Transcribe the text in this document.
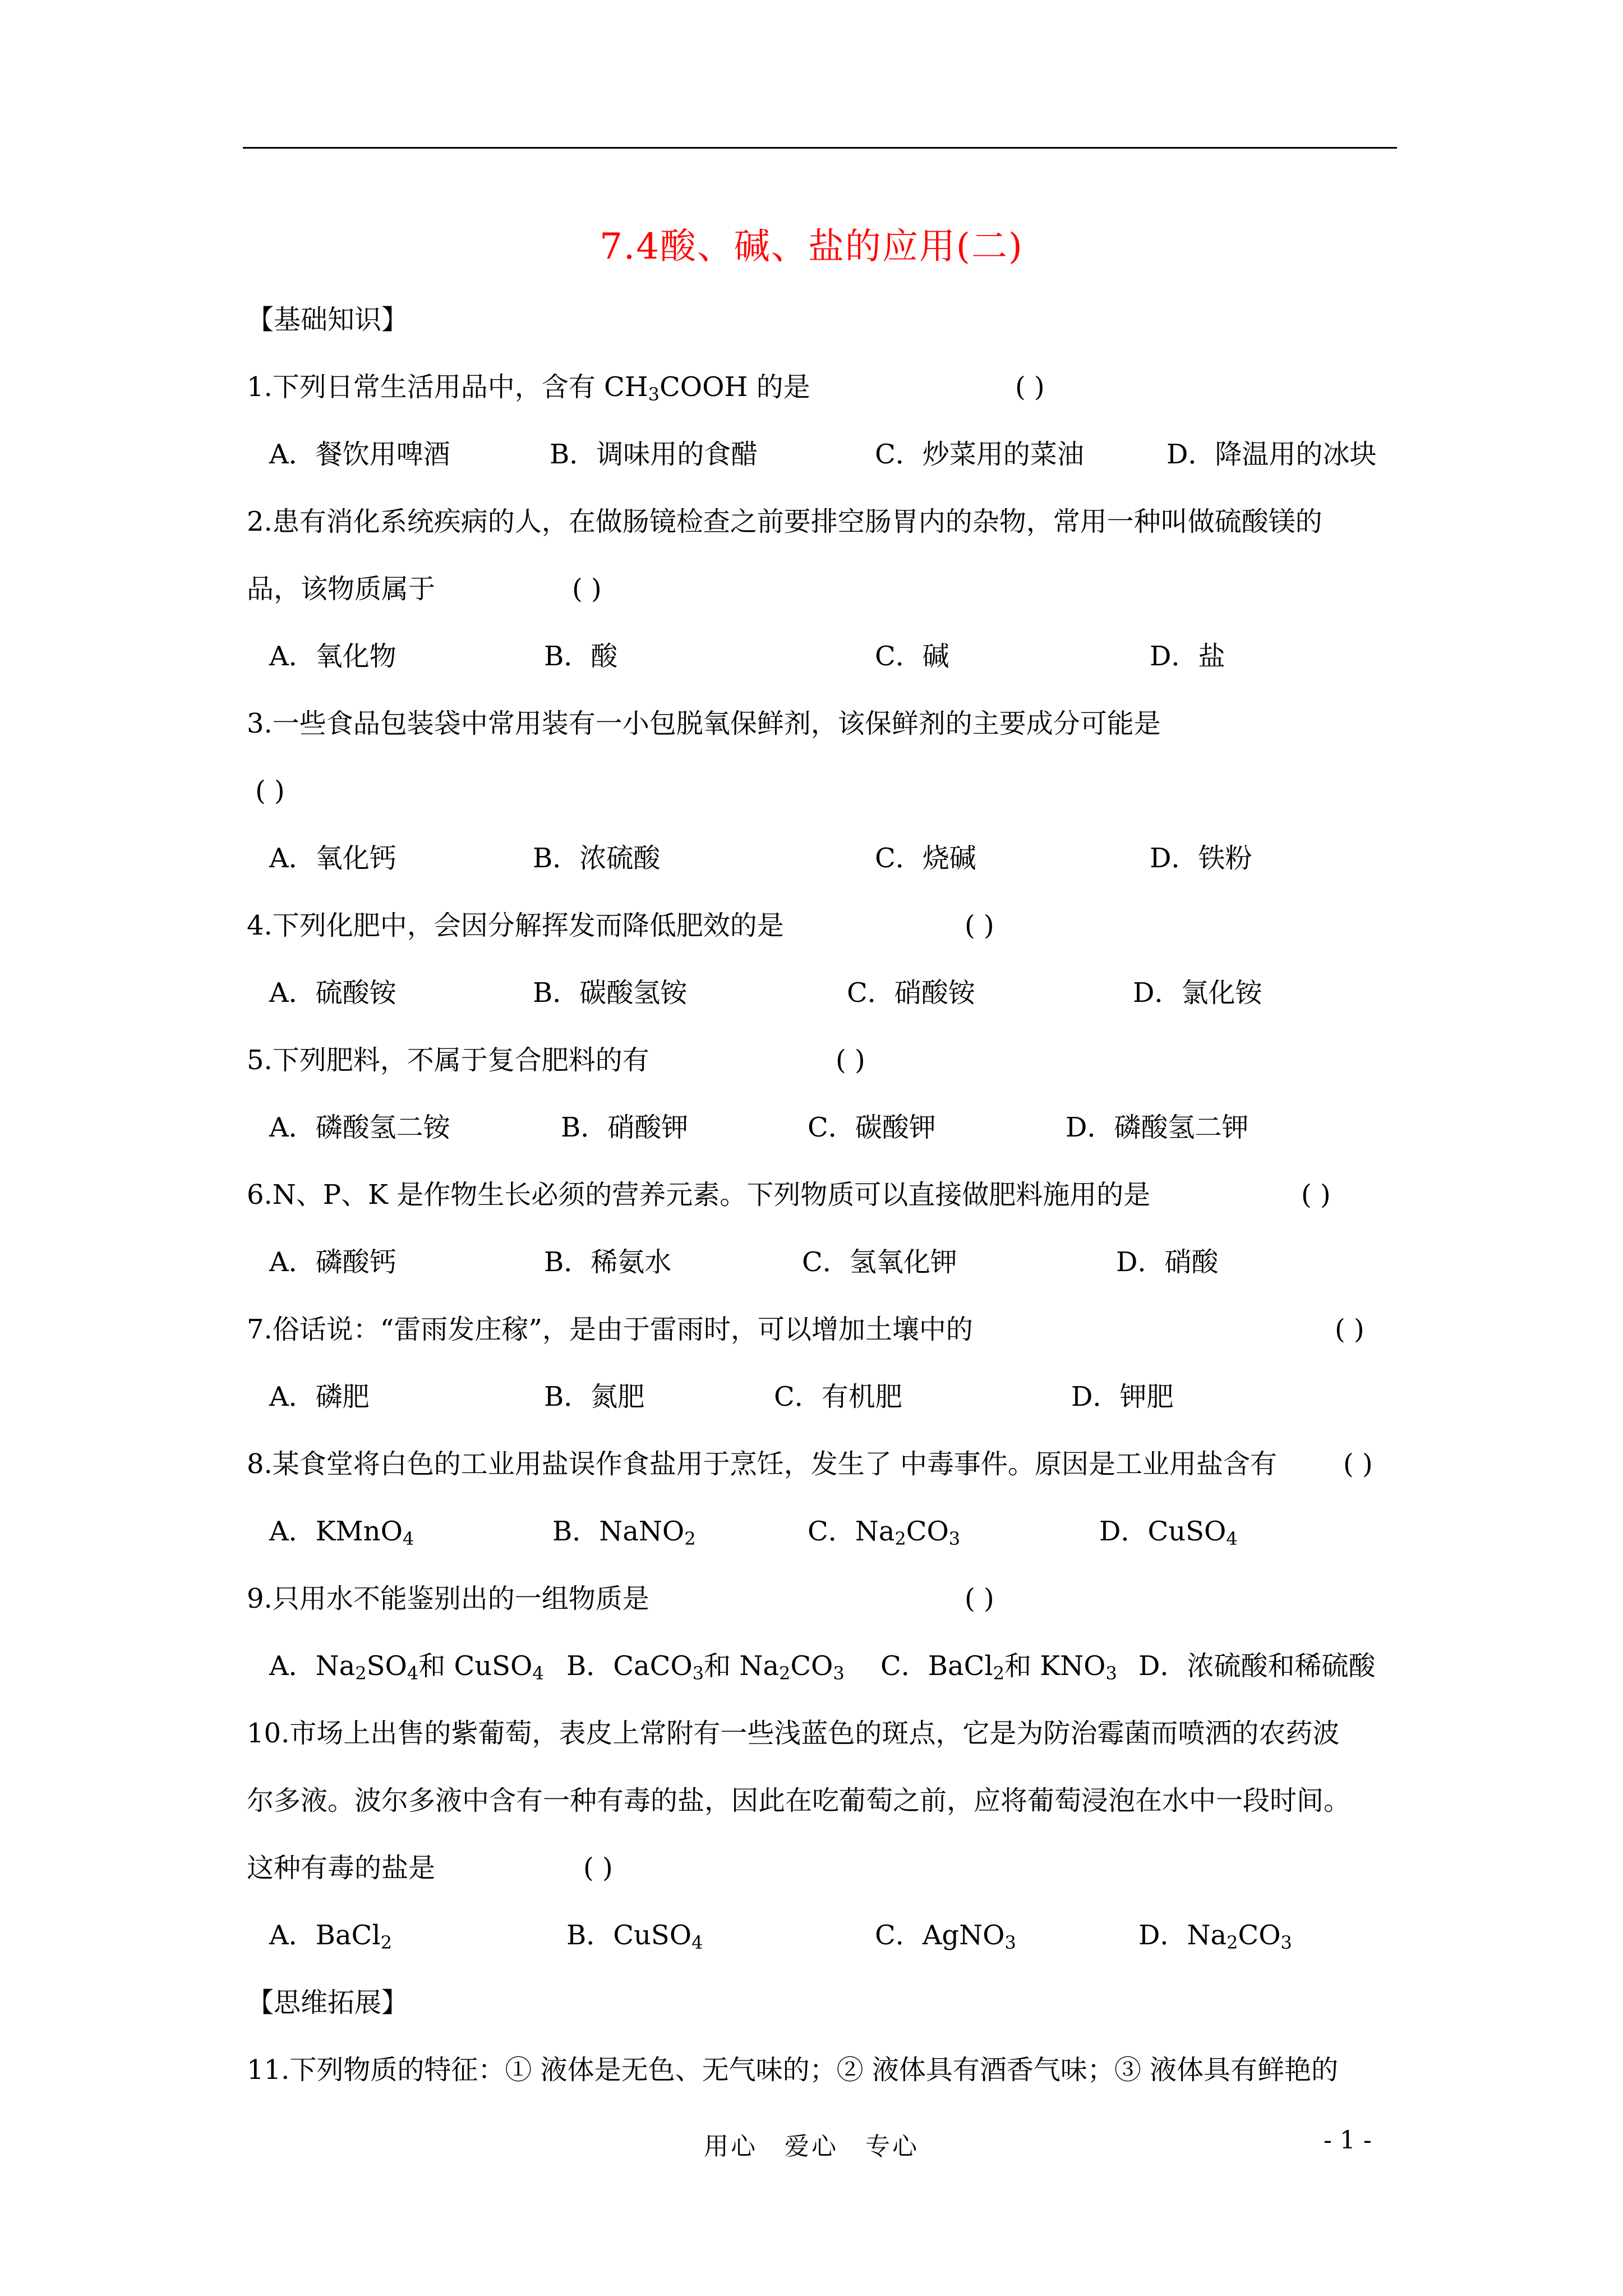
7.4酸、碱、盐的应用(二)
【基础知识】
1.下列日常生活用品中，含有 $CH_3COOH$ 的是	( )
A．餐饮用啤酒	B．调味用的食醋	C．炒菜用的菜油	D．降温用的冰块
2.患有消化系统疾病的人，在做肠镜检查之前要排空肠胃内的杂物，常用一种叫做硫酸镁的
品，该物质属于	( )
A．氧化物	B．酸	C．碱	D．盐
3.一些食品包装袋中常用装有一小包脱氧保鲜剂，该保鲜剂的主要成分可能是
( )
A．氧化钙	B．浓硫酸	C．烧碱	D．铁粉
4.下列化肥中，会因分解挥发而降低肥效的是	( )
A．硫酸铵	B．碳酸氢铵	C．硝酸铵	D．氯化铵
5.下列肥料，不属于复合肥料的有	( )
A．磷酸氢二铵	B．硝酸钾	C．碳酸钾	D．磷酸氢二钾
6.N、P、K 是作物生长必须的营养元素。下列物质可以直接做肥料施用的是	( )
A．磷酸钙	B．稀氨水	C．氢氧化钾	D．硝酸
7.俗话说：“雷雨发庄稼”，是由于雷雨时，可以增加土壤中的	( )
A．磷肥	B．氮肥	C．有机肥	D．钾肥
8.某食堂将白色的工业用盐误作食盐用于烹饪，发生了 中毒事件。原因是工业用盐含有	( )
A．KMnO$_4$	B．NaNO$_2$	C．$Na_2CO_3$	D．CuSO$_4$
9.只用水不能鉴别出的一组物质是	( )
A．$Na_2SO_4$和 CuSO$_4$ B．CaCO$_3$和 $Na_2CO_3$ C．BaCl$_2$和 $KNO_3$ D．浓硫酸和稀硫酸
10.市场上出售的紫葡萄，表皮上常附有一些浅蓝色的斑点，它是为防治霉菌而喷洒的农药波
尔多液。波尔多液中含有一种有毒的盐，因此在吃葡萄之前，应将葡萄浸泡在水中一段时间。
这种有毒的盐是	( )
A．BaCl$_2$	B．CuSO$_4$	C．AgNO$_3$	D．$Na_2CO_3$
【思维拓展】
11.下列物质的特征：① 液体是无色、无气味的；② 液体具有酒香气味；③ 液体具有鲜艳的
用心　爱心　专心	- 1 -
